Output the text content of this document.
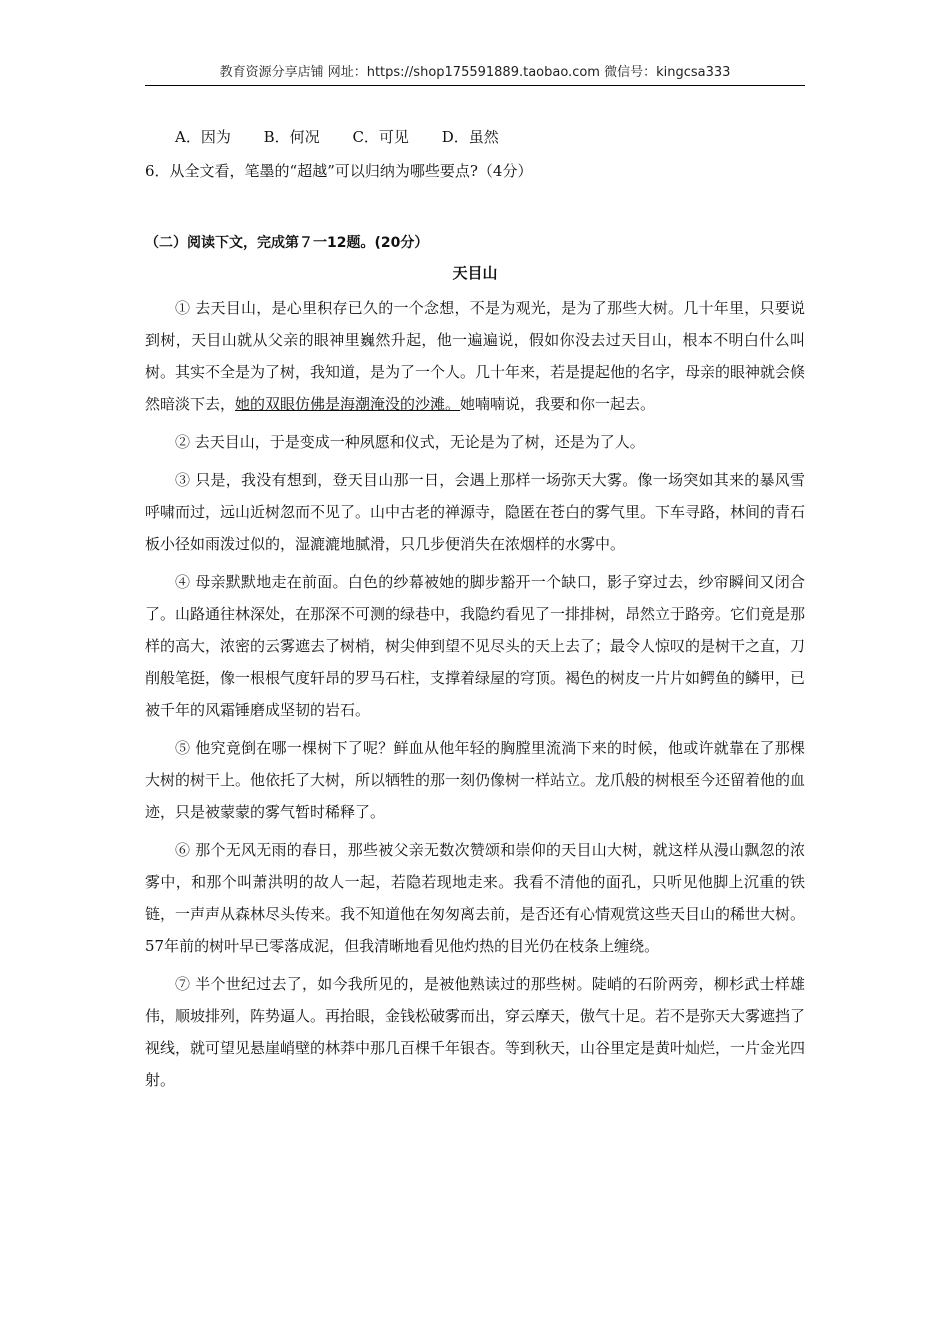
教育资源分享店铺 网址：https://shop175591889.taobao.com 微信号：kingcsa333

A．因为 B．何况 C．可见 D．虽然

6．从全文看，笔墨的“超越”可以归纳为哪些要点?（4分）

（二）阅读下文，完成第７一12题。(20分）

天目山

① 去天目山，是心里积存已久的一个念想，不是为观光，是为了那些大树。几十年里，只要说到树，天目山就从父亲的眼神里巍然升起，他一遍遍说，假如你没去过天目山，根本不明白什么叫树。其实不全是为了树，我知道，是为了一个人。几十年来，若是提起他的名字，母亲的眼神就会倏然暗淡下去，她的双眼仿佛是海潮淹没的沙滩。她喃喃说，我要和你一起去。

② 去天目山，于是变成一种夙愿和仪式，无论是为了树，还是为了人。

③ 只是，我没有想到，登天目山那一日，会遇上那样一场弥天大雾。像一场突如其来的暴风雪呼啸而过，远山近树忽而不见了。山中古老的禅源寺，隐匿在苍白的雾气里。下车寻路，林间的青石板小径如雨泼过似的，湿漉漉地腻滑，只几步便消失在浓烟样的水雾中。

④ 母亲默默地走在前面。白色的纱幕被她的脚步豁开一个缺口，影子穿过去，纱帘瞬间又闭合了。山路通往林深处，在那深不可测的绿巷中，我隐约看见了一排排树，昂然立于路旁。它们竟是那样的高大，浓密的云雾遮去了树梢，树尖伸到望不见尽头的天上去了；最令人惊叹的是树干之直，刀削般笔挺，像一根根气度轩昂的罗马石柱，支撑着绿屋的穹顶。褐色的树皮一片片如鳄鱼的鳞甲，已被千年的风霜锤磨成坚韧的岩石。

⑤ 他究竟倒在哪一棵树下了呢？鲜血从他年轻的胸膛里流淌下来的时候，他或许就靠在了那棵大树的树干上。他依托了大树，所以牺牲的那一刻仍像树一样站立。龙爪般的树根至今还留着他的血迹，只是被蒙蒙的雾气暂时稀释了。

⑥ 那个无风无雨的春日，那些被父亲无数次赞颂和崇仰的天目山大树，就这样从漫山飘忽的浓雾中，和那个叫萧洪明的故人一起，若隐若现地走来。我看不清他的面孔，只听见他脚上沉重的铁链，一声声从森林尽头传来。我不知道他在匆匆离去前，是否还有心情观赏这些天目山的稀世大树。57年前的树叶早已零落成泥，但我清晰地看见他灼热的目光仍在枝条上缠绕。

⑦ 半个世纪过去了，如今我所见的，是被他熟读过的那些树。陡峭的石阶两旁，柳杉武士样雄伟，顺坡排列，阵势逼人。再抬眼，金钱松破雾而出，穿云摩天，傲气十足。若不是弥天大雾遮挡了视线，就可望见悬崖峭壁的林莽中那几百棵千年银杏。等到秋天，山谷里定是黄叶灿烂，一片金光四射。
